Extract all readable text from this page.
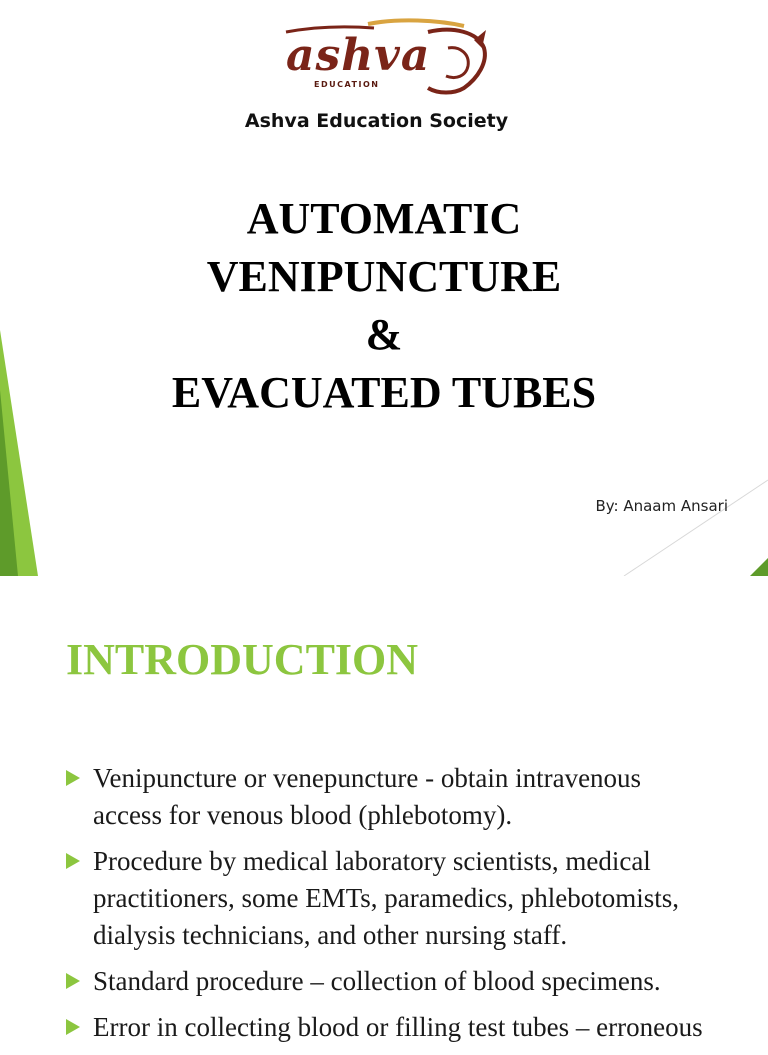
ashva
EDUCATION
Ashva Education Society
AUTOMATIC
VENIPUNCTURE
&
EVACUATED TUBES
By: Anaam Ansari
INTRODUCTION
Venipuncture or venepuncture - obtain intravenous
access for venous blood (phlebotomy).
Procedure by medical laboratory scientists, medical
practitioners, some EMTs, paramedics, phlebotomists,
dialysis technicians, and other nursing staff.
Standard procedure – collection of blood specimens.
Error in collecting blood or filling test tubes – erroneous
